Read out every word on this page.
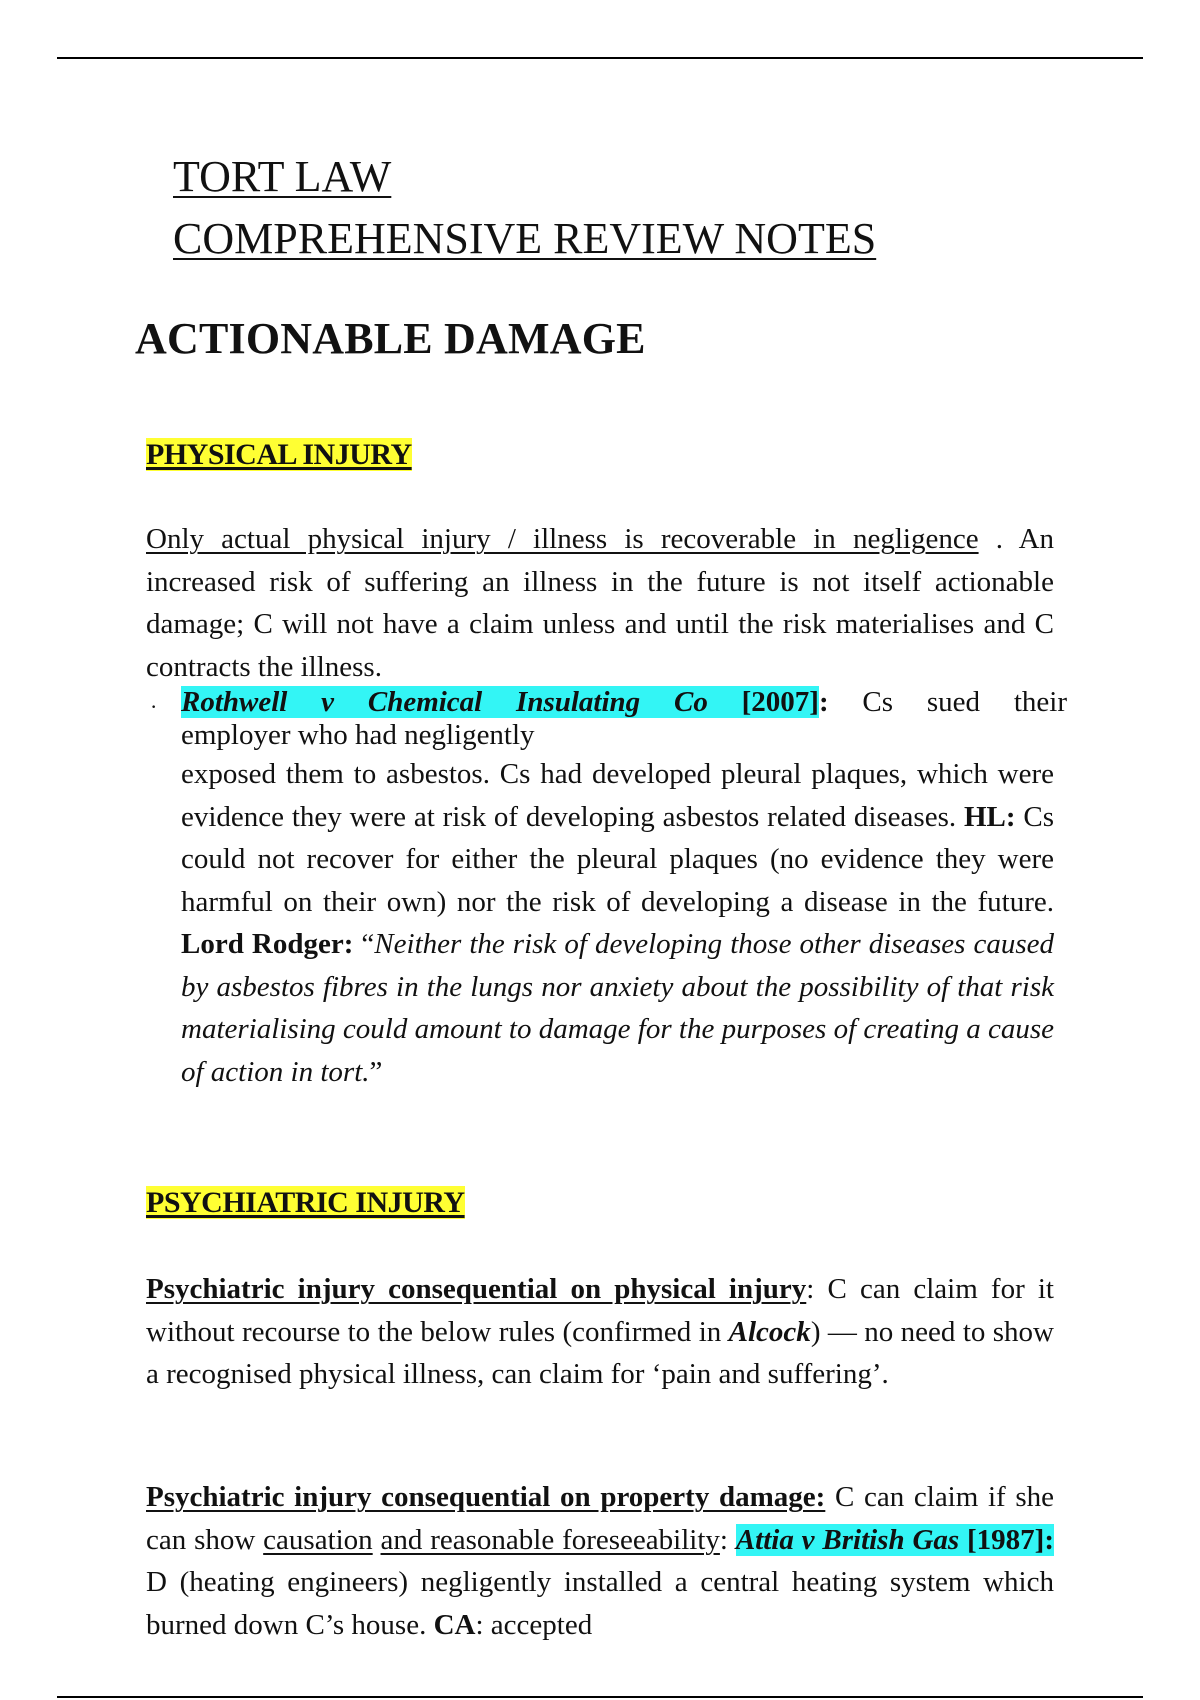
TORT LAW
COMPREHENSIVE REVIEW NOTES
ACTIONABLE DAMAGE
PHYSICAL INJURY

Only actual physical injury / illness is recoverable in negligence . An increased risk of suffering an illness in the future is not itself actionable damage; C will not have a claim unless and until the risk materialises and C contracts the illness.

· Rothwell v Chemical Insulating Co [2007]: Cs sued their
employer who had negligently

exposed them to asbestos. Cs had developed pleural plaques, which were evidence they were at risk of developing asbestos related diseases. HL: Cs could not recover for either the pleural plaques (no evidence they were harmful on their own) nor the risk of developing a disease in the future. Lord Rodger: “Neither the risk of developing those other diseases caused by asbestos fibres in the lungs nor anxiety about the possibility of that risk materialising could amount to damage for the purposes of creating a cause of action in tort.”

PSYCHIATRIC INJURY

Psychiatric injury consequential on physical injury: C can claim for it without recourse to the below rules (confirmed in Alcock) — no need to show a recognised physical illness, can claim for ‘pain and suffering’.

Psychiatric injury consequential on property damage: C can claim if she can show causation and reasonable foreseeability: Attia v British Gas [1987]: D (heating engineers) negligently installed a central heating system which burned down C’s house. CA: accepted
